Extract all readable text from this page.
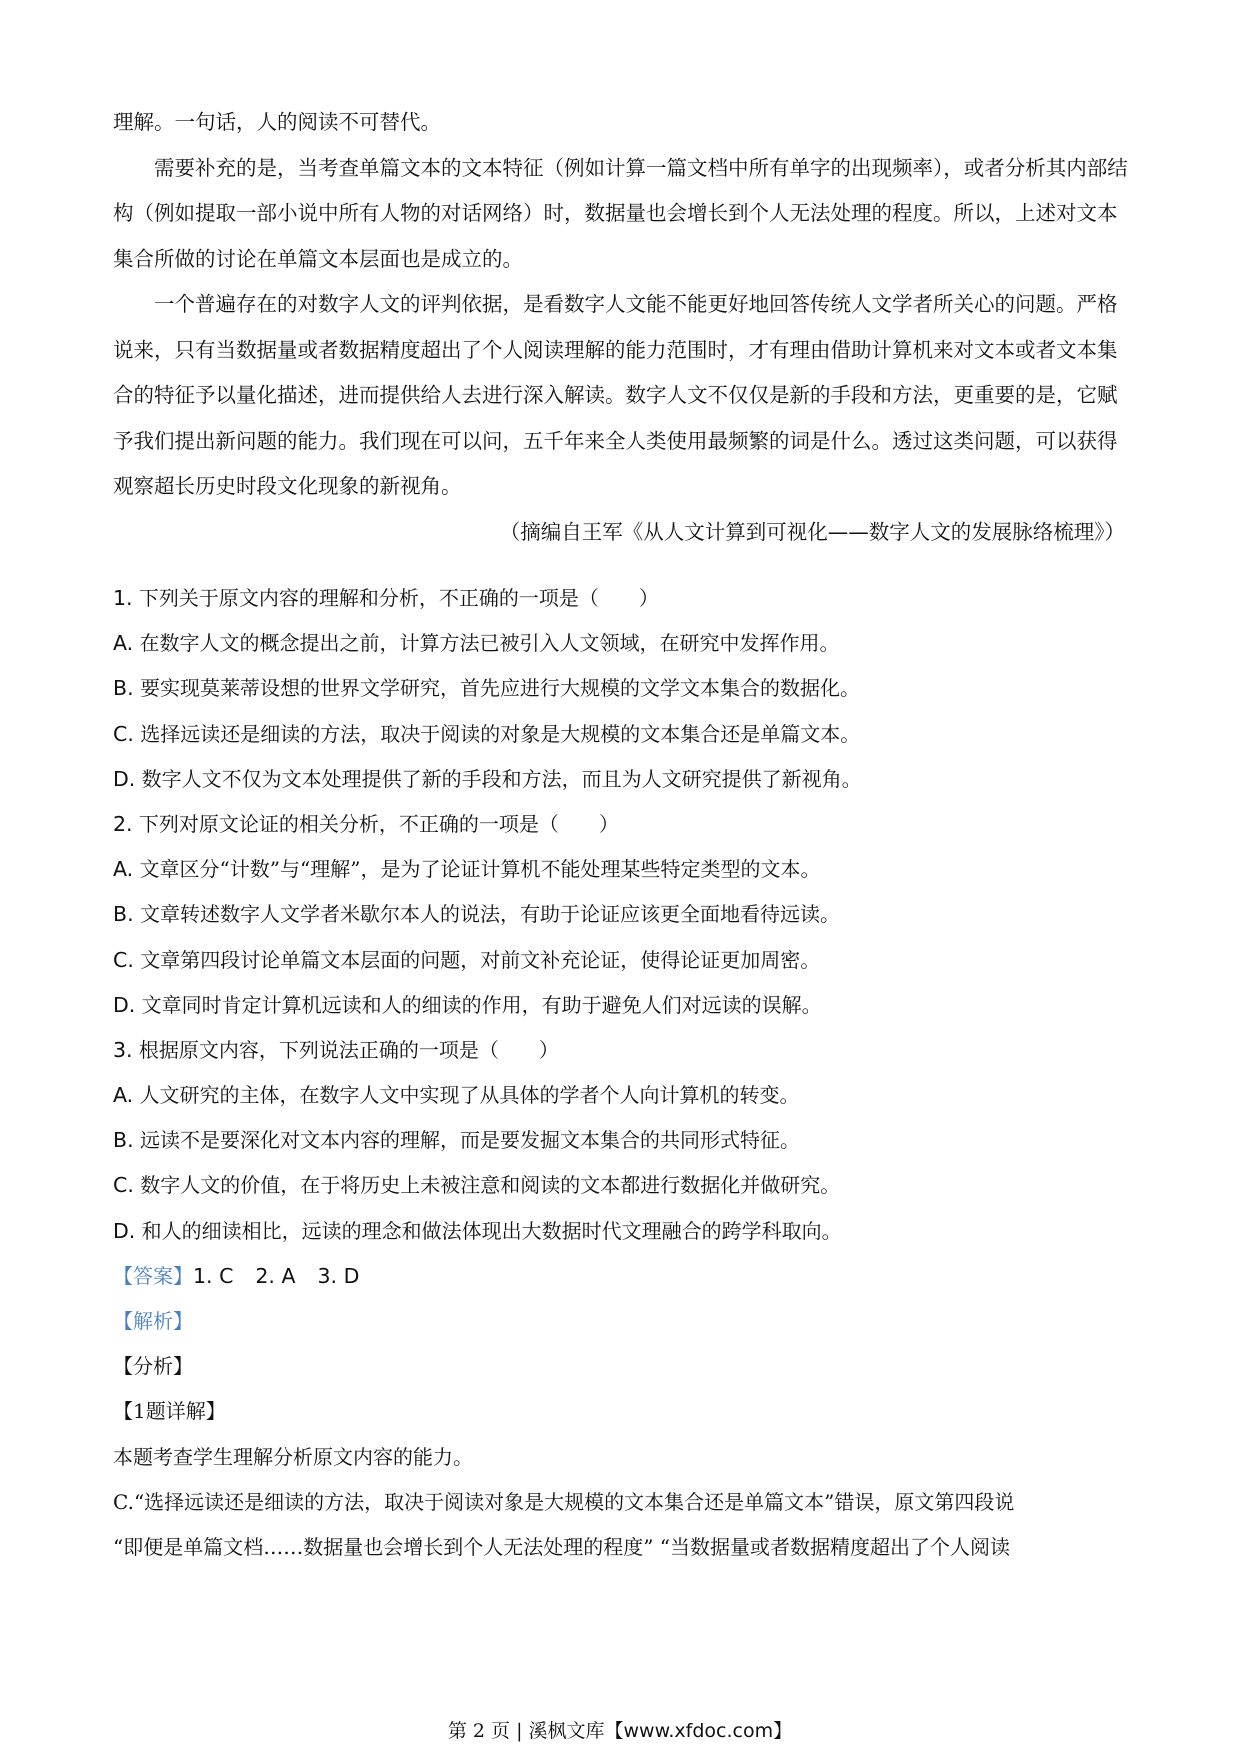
理解。一句话，人的阅读不可替代。

需要补充的是，当考查单篇文本的文本特征（例如计算一篇文档中所有单字的出现频率），或者分析其内部结构（例如提取一部小说中所有人物的对话网络）时，数据量也会增长到个人无法处理的程度。所以，上述对文本集合所做的讨论在单篇文本层面也是成立的。

一个普遍存在的对数字人文的评判依据，是看数字人文能不能更好地回答传统人文学者所关心的问题。严格说来，只有当数据量或者数据精度超出了个人阅读理解的能力范围时，才有理由借助计算机来对文本或者文本集合的特征予以量化描述，进而提供给人去进行深入解读。数字人文不仅仅是新的手段和方法，更重要的是，它赋予我们提出新问题的能力。我们现在可以问，五千年来全人类使用最频繁的词是什么。透过这类问题，可以获得观察超长历史时段文化现象的新视角。

（摘编自王军《从人文计算到可视化——数字人文的发展脉络梳理》）

1. 下列关于原文内容的理解和分析，不正确的一项是（　　）
A. 在数字人文的概念提出之前，计算方法已被引入人文领域，在研究中发挥作用。
B. 要实现莫莱蒂设想的世界文学研究，首先应进行大规模的文学文本集合的数据化。
C. 选择远读还是细读的方法，取决于阅读的对象是大规模的文本集合还是单篇文本。
D. 数字人文不仅为文本处理提供了新的手段和方法，而且为人文研究提供了新视角。
2. 下列对原文论证的相关分析，不正确的一项是（　　）
A. 文章区分“计数”与“理解”，是为了论证计算机不能处理某些特定类型的文本。
B. 文章转述数字人文学者米歇尔本人的说法，有助于论证应该更全面地看待远读。
C. 文章第四段讨论单篇文本层面的问题，对前文补充论证，使得论证更加周密。
D. 文章同时肯定计算机远读和人的细读的作用，有助于避免人们对远读的误解。
3. 根据原文内容，下列说法正确的一项是（　　）
A. 人文研究的主体，在数字人文中实现了从具体的学者个人向计算机的转变。
B. 远读不是要深化对文本内容的理解，而是要发掘文本集合的共同形式特征。
C. 数字人文的价值，在于将历史上未被注意和阅读的文本都进行数据化并做研究。
D. 和人的细读相比，远读的理念和做法体现出大数据时代文理融合的跨学科取向。
【答案】1. C 2. A 3. D
【解析】
【分析】
【1题详解】
本题考查学生理解分析原文内容的能力。
C.“选择远读还是细读的方法，取决于阅读对象是大规模的文本集合还是单篇文本”错误，原文第四段说
“即便是单篇文档……数据量也会增长到个人无法处理的程度” “当数据量或者数据精度超出了个人阅读
第 2 页 | 溪枫文库【www.xfdoc.com】
